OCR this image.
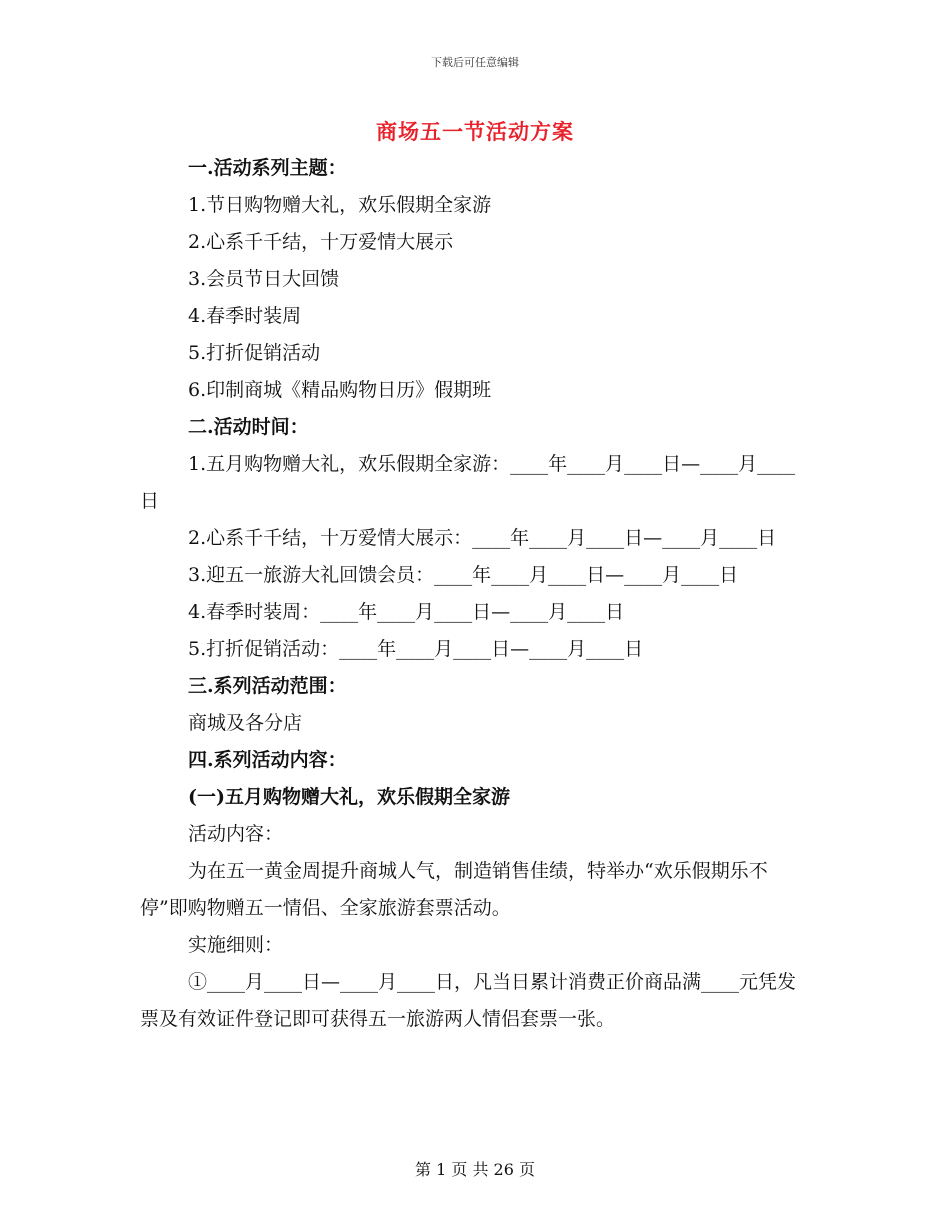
下载后可任意编辑
商场五一节活动方案

一.活动系列主题：

1.节日购物赠大礼，欢乐假期全家游

2.心系千千结，十万爱情大展示

3.会员节日大回馈

4.春季时装周

5.打折促销活动

6.印制商城《精品购物日历》假期班

二.活动时间：

1.五月购物赠大礼，欢乐假期全家游：____年____月____日—____月____日

2.心系千千结，十万爱情大展示：____年____月____日—____月____日

3.迎五一旅游大礼回馈会员：____年____月____日—____月____日

4.春季时装周：____年____月____日—____月____日

5.打折促销活动：____年____月____日—____月____日

三.系列活动范围：

商城及各分店

四.系列活动内容：

(一)五月购物赠大礼，欢乐假期全家游

活动内容：

为在五一黄金周提升商城人气，制造销售佳绩，特举办“欢乐假期乐不停”即购物赠五一情侣、全家旅游套票活动。

实施细则：

①____月____日—____月____日，凡当日累计消费正价商品满____元凭发票及有效证件登记即可获得五一旅游两人情侣套票一张。

第 1 页 共 26 页
